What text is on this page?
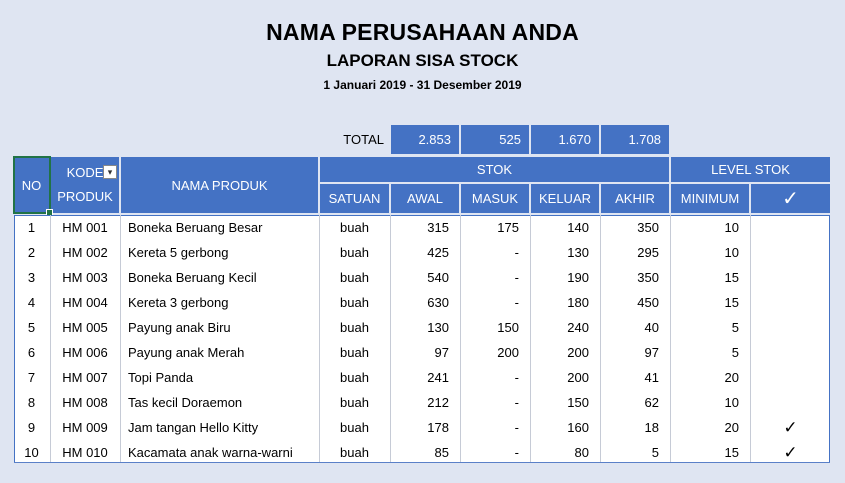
NAMA PERUSAHAAN ANDA
LAPORAN SISA STOCK
1 Januari 2019 - 31 Desember 2019
TOTAL	2.853	525	1.670	1.708
NO
KODE
PRODUK
▾
NAMA PRODUK
STOK	LEVEL STOK
SATUAN AWAL MASUK KELUAR AKHIR MINIMUM ✓
1	HM 001	Boneka Beruang Besar	buah	315	175	140	350	10
2	HM 002	Kereta 5 gerbong	buah	425	-	130	295	10
3	HM 003	Boneka Beruang Kecil	buah	540	-	190	350	15
4	HM 004	Kereta 3 gerbong	buah	630	-	180	450	15
5	HM 005	Payung anak Biru	buah	130	150	240	40	5
6	HM 006	Payung anak Merah	buah	97	200	200	97	5
7	HM 007	Topi Panda	buah	241	-	200	41	20
8	HM 008	Tas kecil Doraemon	buah	212	-	150	62	10
9	HM 009	Jam tangan Hello Kitty	buah	178	-	160	18	20	✓
10	HM 010	Kacamata anak warna-warni	buah	85	-	80	5	15	✓
